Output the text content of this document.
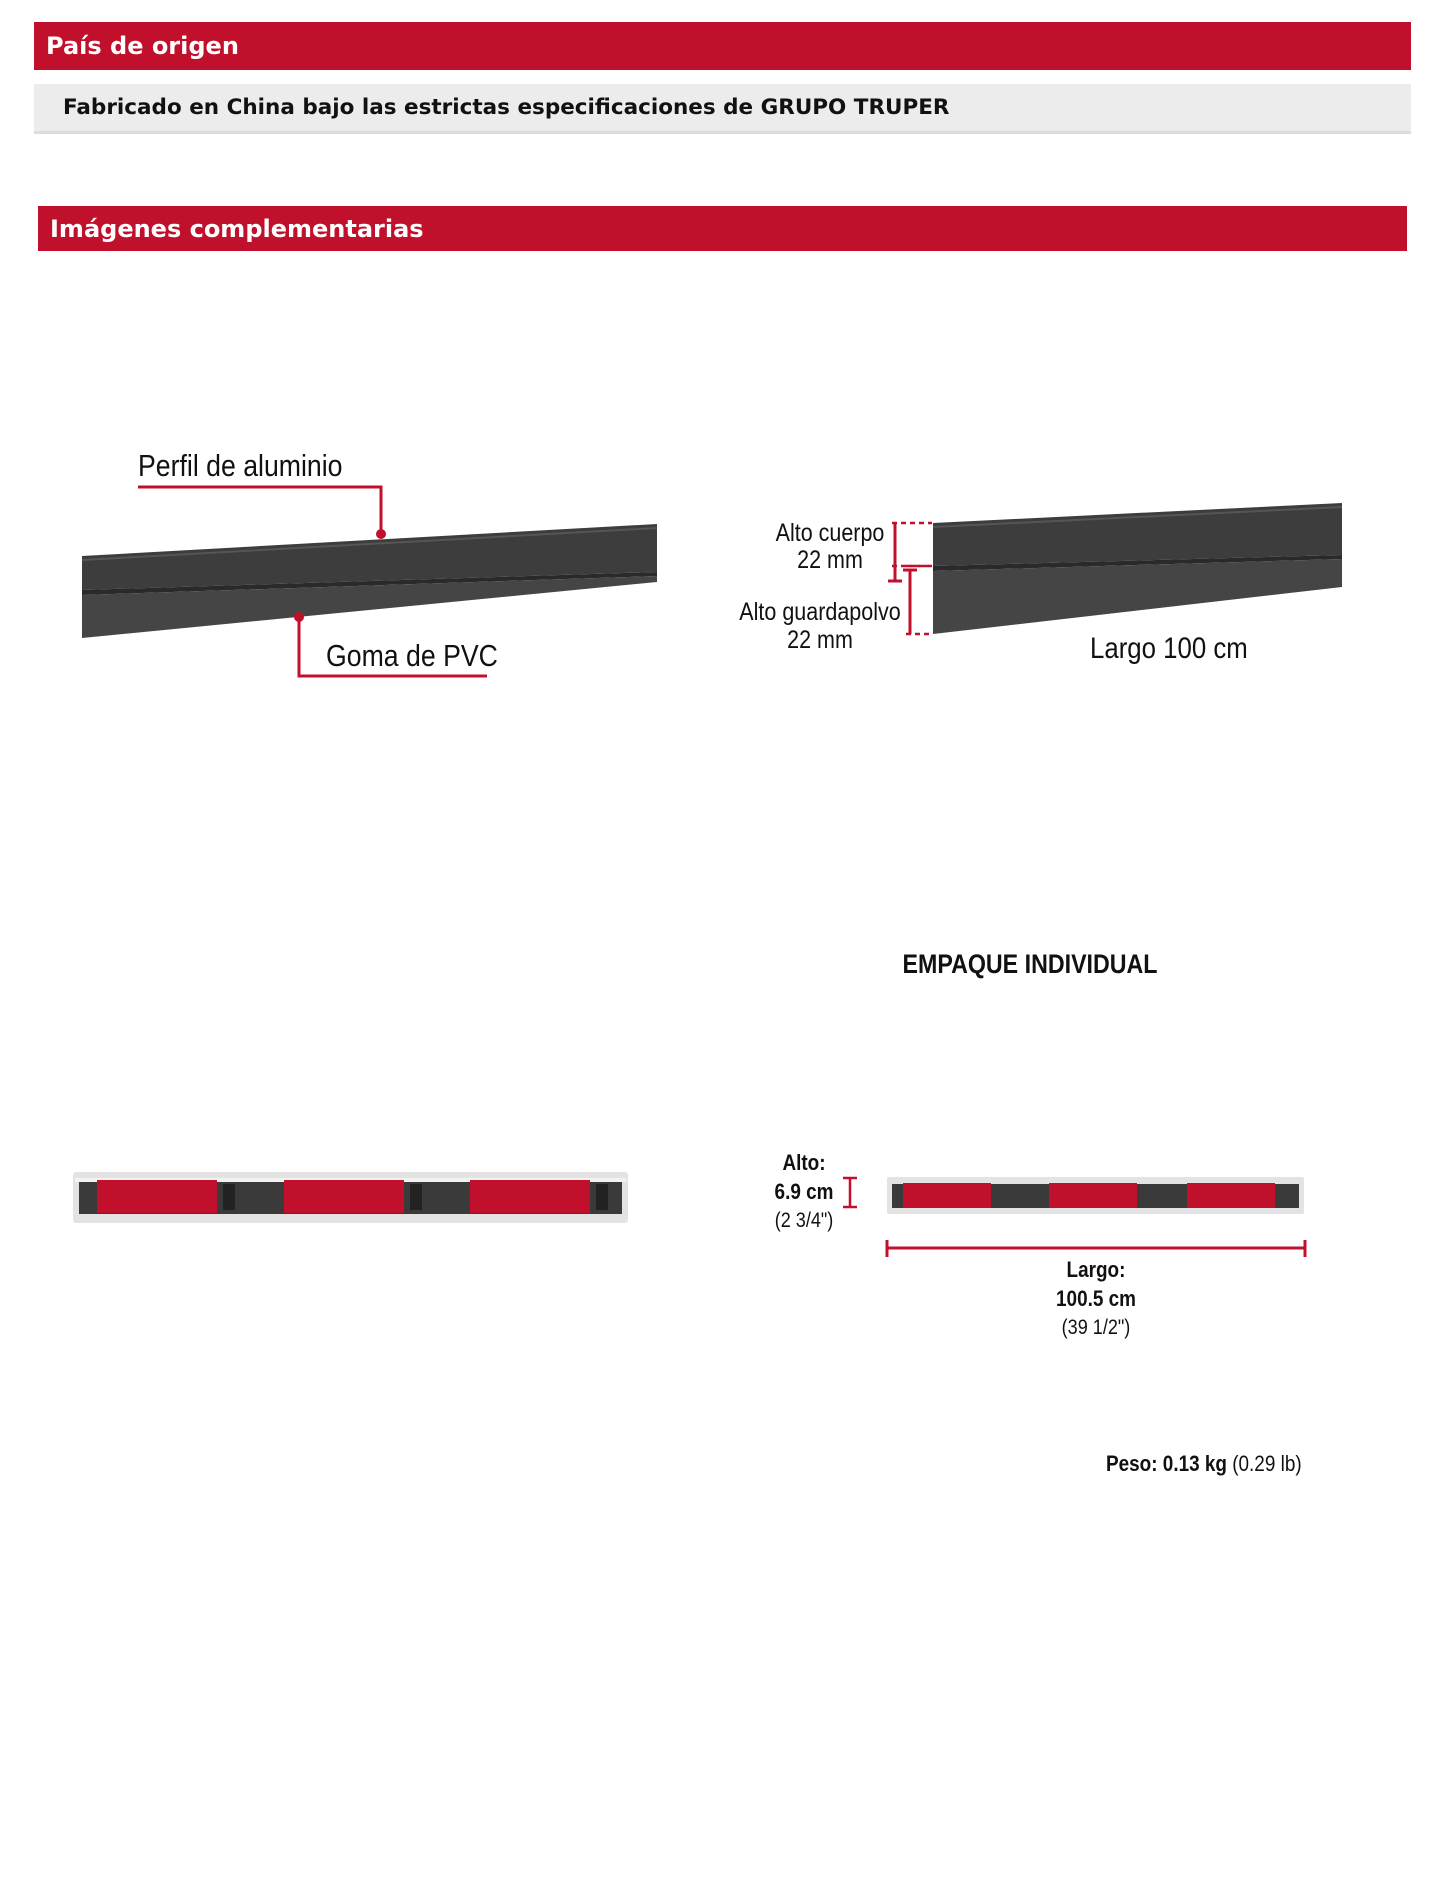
País de origen
Fabricado en China bajo las estrictas especificaciones de GRUPO TRUPER
Imágenes complementarias
Perfil de aluminio
Goma de PVC
Alto cuerpo
22 mm
Alto guardapolvo
22 mm	Largo 100 cm
EMPAQUE INDIVIDUAL
Alto:
6.9 cm
(2 3/4")
Largo:
100.5 cm
(39 1/2")
Peso: 0.13 kg (0.29 lb)
